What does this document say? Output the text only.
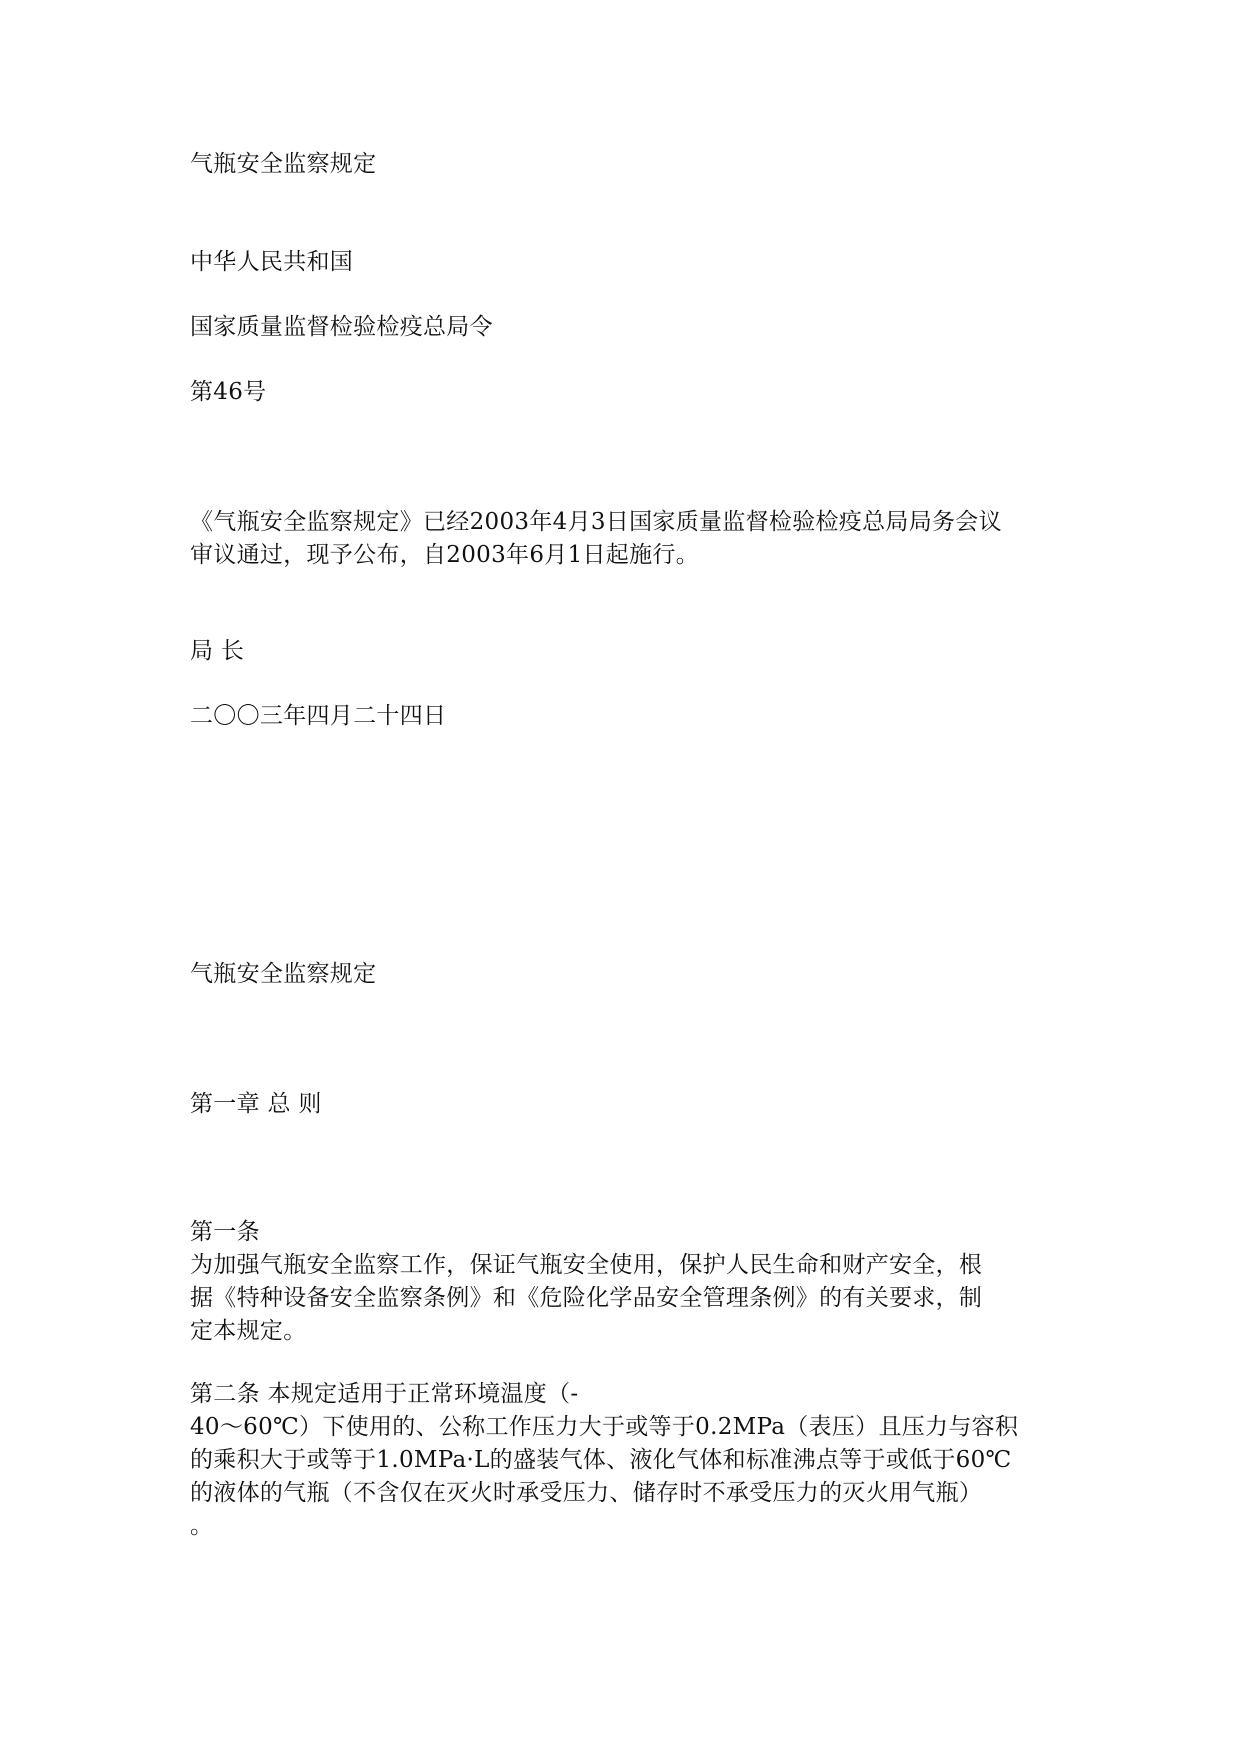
气瓶安全监察规定
中华人民共和国
国家质量监督检验检疫总局令
第46号
《气瓶安全监察规定》已经2003年4月3日国家质量监督检验检疫总局局务会议
审议通过，现予公布，自2003年6月1日起施行。
局 长
二〇〇三年四月二十四日
气瓶安全监察规定
第一章 总 则
第一条
为加强气瓶安全监察工作，保证气瓶安全使用，保护人民生命和财产安全，根
据《特种设备安全监察条例》和《危险化学品安全管理条例》的有关要求，制
定本规定。
第二条 本规定适用于正常环境温度（-
40～60℃）下使用的、公称工作压力大于或等于0.2MPa（表压）且压力与容积
的乘积大于或等于1.0MPa·L的盛装气体、液化气体和标准沸点等于或低于60℃
的液体的气瓶（不含仅在灭火时承受压力、储存时不承受压力的灭火用气瓶）
。
